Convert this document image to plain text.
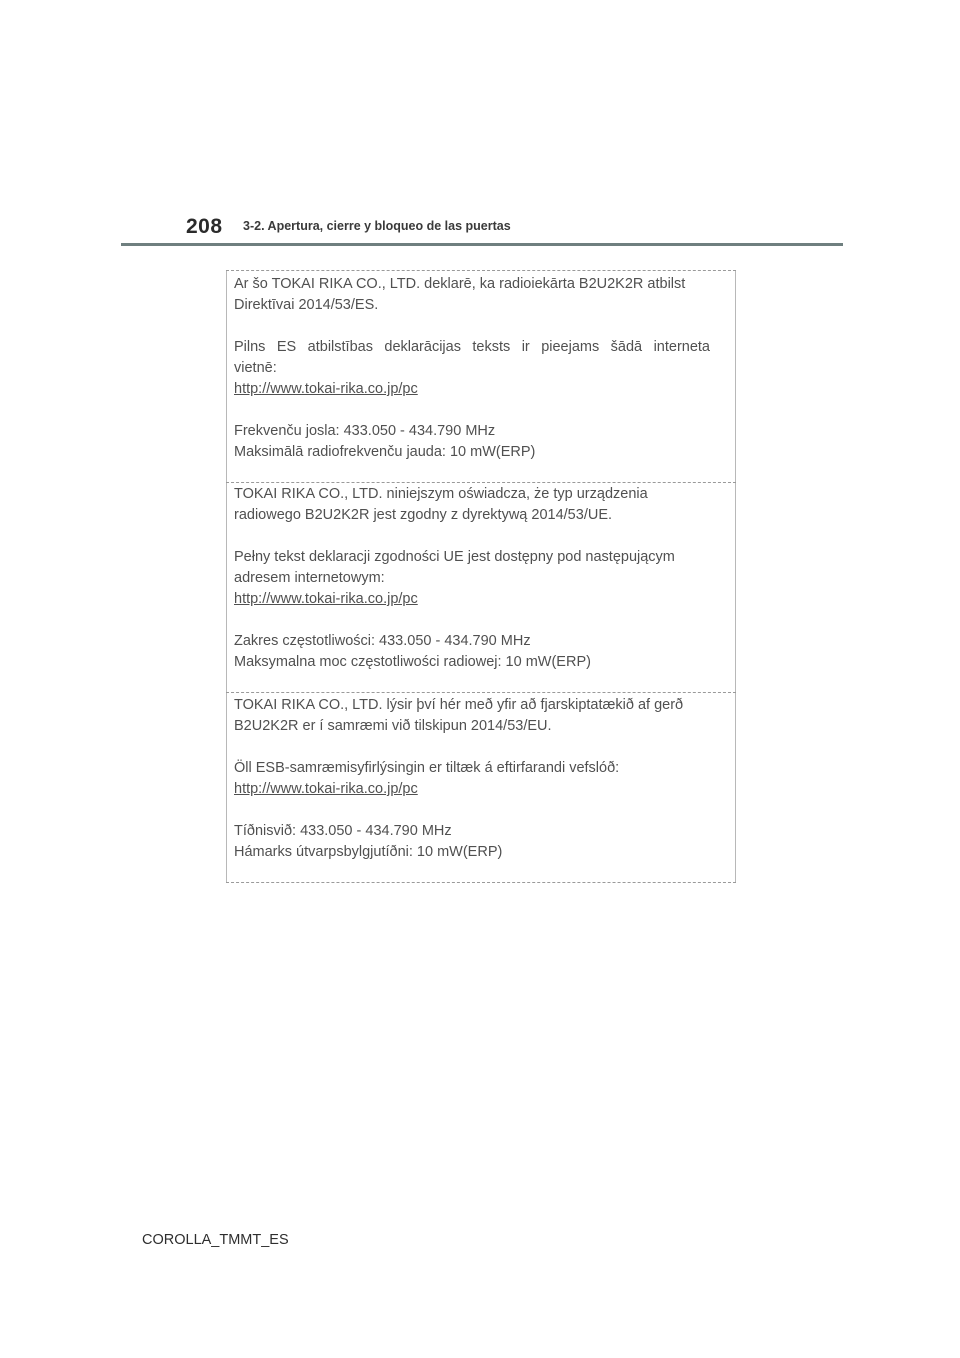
208 3-2. Apertura, cierre y bloqueo de las puertas

Ar šo TOKAI RIKA CO., LTD. deklarē, ka radioiekārta B2U2K2R atbilst

Direktīvai 2014/53/ES.

Pilns ES atbilstības deklarācijas teksts ir pieejams šādā interneta

vietnē:

http://www.tokai-rika.co.jp/pc

Frekvenču josla: 433.050 - 434.790 MHz

Maksimālā radiofrekvenču jauda: 10 mW(ERP)

TOKAI RIKA CO., LTD. niniejszym oświadcza, że typ urządzenia

radiowego B2U2K2R jest zgodny z dyrektywą 2014/53/UE.

Pełny tekst deklaracji zgodności UE jest dostępny pod następującym

adresem internetowym:

http://www.tokai-rika.co.jp/pc

Zakres częstotliwości: 433.050 - 434.790 MHz

Maksymalna moc częstotliwości radiowej: 10 mW(ERP)

TOKAI RIKA CO., LTD. lýsir því hér með yfir að fjarskiptatækið af gerð

B2U2K2R er í samræmi við tilskipun 2014/53/EU.

Öll ESB-samræmisyfirlýsingin er tiltæk á eftirfarandi vefslóð:

http://www.tokai-rika.co.jp/pc

Tíðnisvið: 433.050 - 434.790 MHz

Hámarks útvarpsbylgjutíðni: 10 mW(ERP)

COROLLA_TMMT_ES
